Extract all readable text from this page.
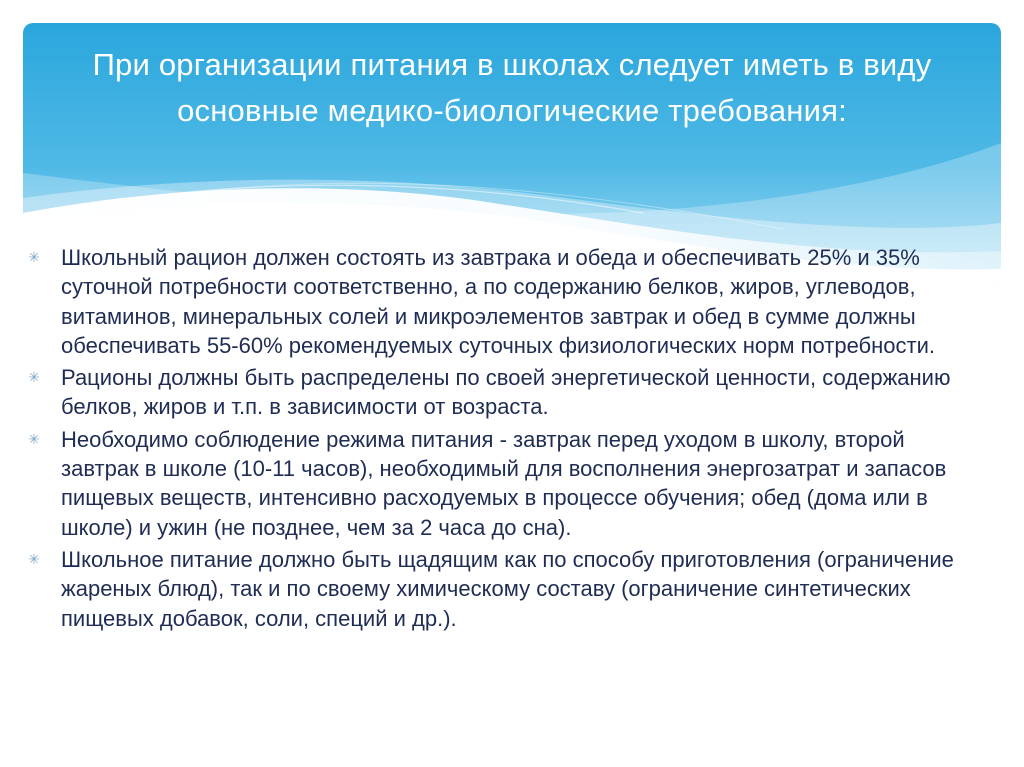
При организации питания в школах следует иметь в виду основные медико-биологические требования:
✳ Школьный рацион должен состоять из завтрака и обеда и обеспечивать 25% и 35% суточной потребности соответственно, а по содержанию белков, жиров, углеводов, витаминов, минеральных солей и микроэлементов завтрак и обед в сумме должны обеспечивать 55-60% рекомендуемых суточных физиологических норм потребности.
✳ Рационы должны быть распределены по своей энергетической ценности, содержанию белков, жиров и т.п. в зависимости от возраста.
✳ Необходимо соблюдение режима питания - завтрак перед уходом в школу, второй завтрак в школе (10-11 часов), необходимый для восполнения энергозатрат и запасов пищевых веществ, интенсивно расходуемых в процессе обучения; обед (дома или в школе) и ужин (не позднее, чем за 2 часа до сна).
✳ Школьное питание должно быть щадящим как по способу приготовления (ограничение жареных блюд), так и по своему химическому составу (ограничение синтетических пищевых добавок, соли, специй и др.).
